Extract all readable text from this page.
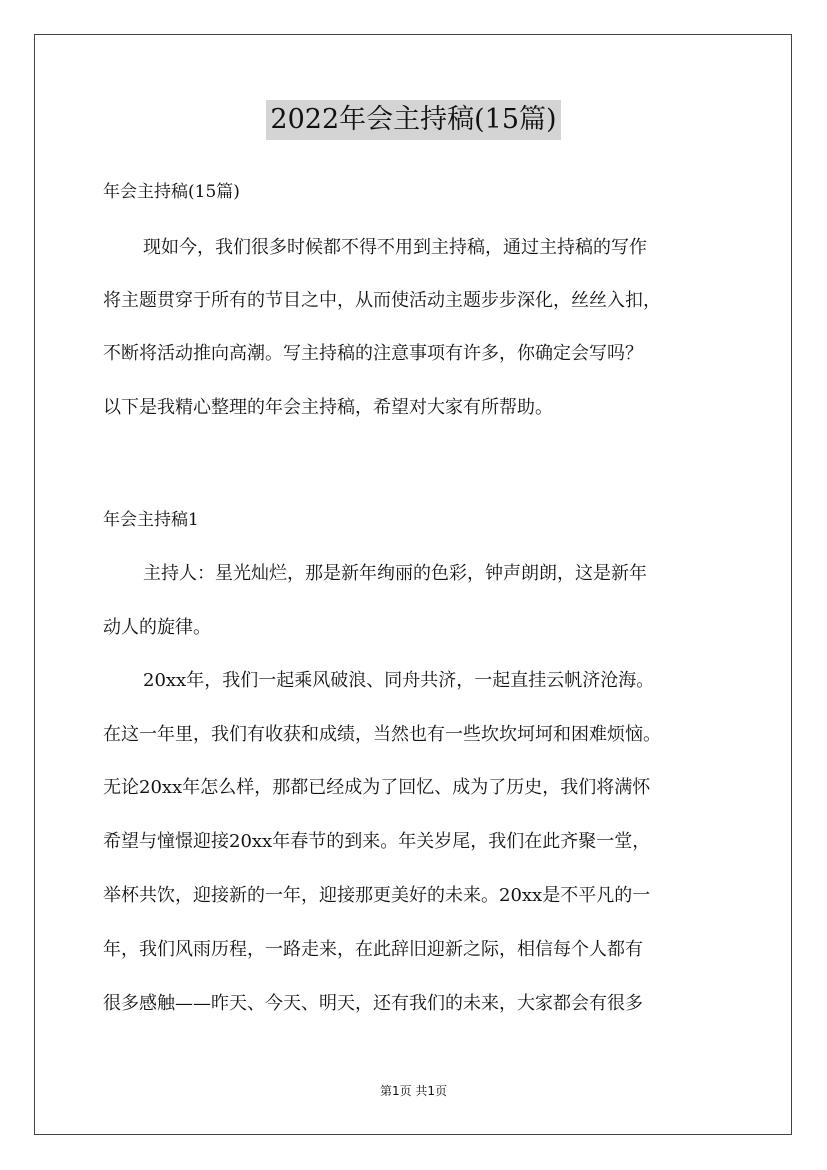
2022年会主持稿(15篇)
年会主持稿(15篇)
现如今，我们很多时候都不得不用到主持稿，通过主持稿的写作
将主题贯穿于所有的节目之中，从而使活动主题步步深化，丝丝入扣，
不断将活动推向高潮。写主持稿的注意事项有许多，你确定会写吗？
以下是我精心整理的年会主持稿，希望对大家有所帮助。
年会主持稿1
主持人：星光灿烂，那是新年绚丽的色彩，钟声朗朗，这是新年
动人的旋律。
20xx年，我们一起乘风破浪、同舟共济，一起直挂云帆济沧海。
在这一年里，我们有收获和成绩，当然也有一些坎坎坷坷和困难烦恼。
无论20xx年怎么样，那都已经成为了回忆、成为了历史，我们将满怀
希望与憧憬迎接20xx年春节的到来。年关岁尾，我们在此齐聚一堂，
举杯共饮，迎接新的一年，迎接那更美好的未来。20xx是不平凡的一
年，我们风雨历程，一路走来，在此辞旧迎新之际，相信每个人都有
很多感触——昨天、今天、明天，还有我们的未来，大家都会有很多
第1页 共1页
